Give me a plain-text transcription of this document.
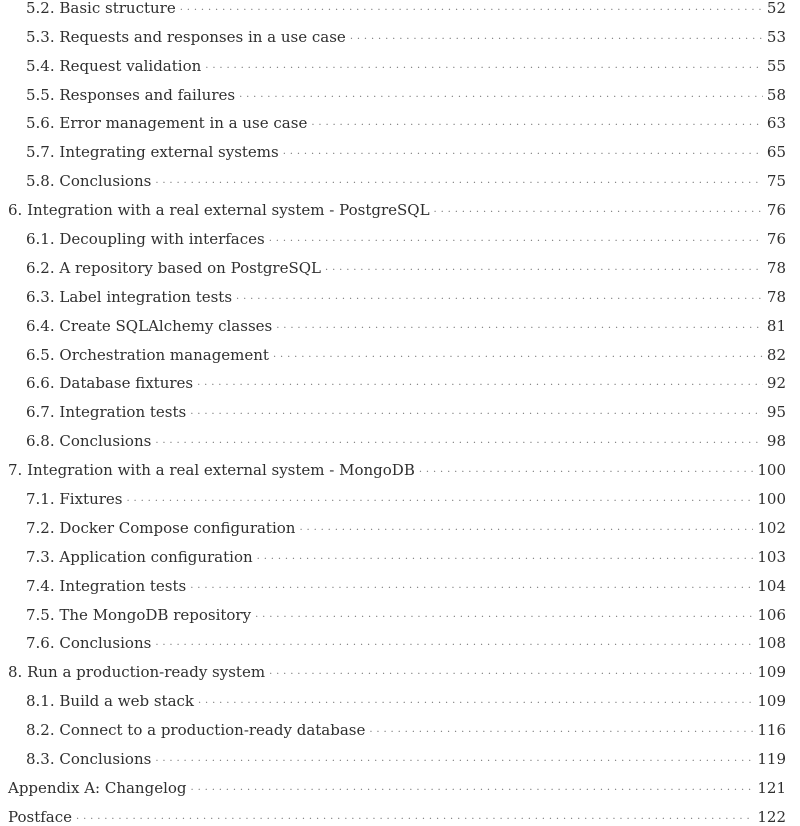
5.2. Basic structure . . .	52
5.3. Requests and responses in a use case . . .	53
5.4. Request validation . . .	55
5.5. Responses and failures . . .	58
5.6. Error management in a use case . . .	63
5.7. Integrating external systems . . .	65
5.8. Conclusions . . .	75
6. Integration with a real external system - PostgreSQL . . .	76
6.1. Decoupling with interfaces . . .	76
6.2. A repository based on PostgreSQL . . .	78
6.3. Label integration tests . . .	78
6.4. Create SQLAlchemy classes . . .	81
6.5. Orchestration management . . .	82
6.6. Database fixtures . . .	92
6.7. Integration tests . . .	95
6.8. Conclusions . . .	98
7. Integration with a real external system - MongoDB . . .	100
7.1. Fixtures . . .	100
7.2. Docker Compose configuration . . .	102
7.3. Application configuration . . .	103
7.4. Integration tests . . .	104
7.5. The MongoDB repository . . .	106
7.6. Conclusions . . .	108
8. Run a production-ready system . . .	109
8.1. Build a web stack . . .	109
8.2. Connect to a production-ready database . . .	116
8.3. Conclusions . . .	119
Appendix A: Changelog . . .	121
Postface . . .	122
